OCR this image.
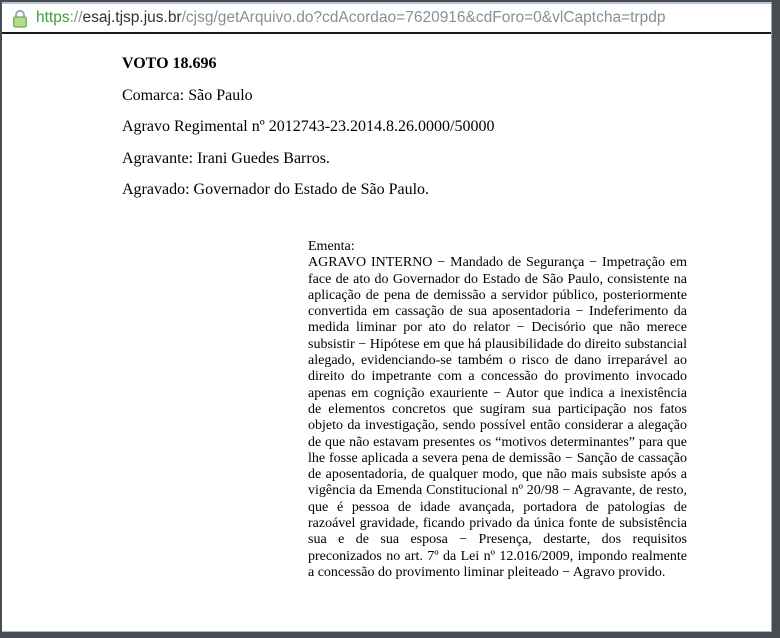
https://esaj.tjsp.jus.br/cjsg/getArquivo.do?cdAcordao=7620916&cdForo=0&vlCaptcha=trpdp
VOTO 18.696
Comarca: São Paulo
Agravo Regimental nº 2012743-23.2014.8.26.0000/50000
Agravante: Irani Guedes Barros.
Agravado: Governador do Estado de São Paulo.
Ementa:
AGRAVO INTERNO − Mandado de Segurança − Impetração em face de ato do Governador do Estado de São Paulo, consistente na aplicação de pena de demissão a servidor público, posteriormente convertida em cassação de sua aposentadoria − Indeferimento da medida liminar por ato do relator − Decisório que não merece subsistir − Hipótese em que há plausibilidade do direito substancial alegado, evidenciando-se também o risco de dano irreparável ao direito do impetrante com a concessão do provimento invocado apenas em cognição exauriente − Autor que indica a inexistência de elementos concretos que sugiram sua participação nos fatos objeto da investigação, sendo possível então considerar a alegação de que não estavam presentes os “motivos determinantes” para que lhe fosse aplicada a severa pena de demissão − Sanção de cassação de aposentadoria, de qualquer modo, que não mais subsiste após a vigência da Emenda Constitucional nº 20/98 − Agravante, de resto, que é pessoa de idade avançada, portadora de patologias de razoável gravidade, ficando privado da única fonte de subsistência sua e de sua esposa − Presença, destarte, dos requisitos preconizados no art. 7º da Lei nº 12.016/2009, impondo realmente a concessão do provimento liminar pleiteado − Agravo provido.
